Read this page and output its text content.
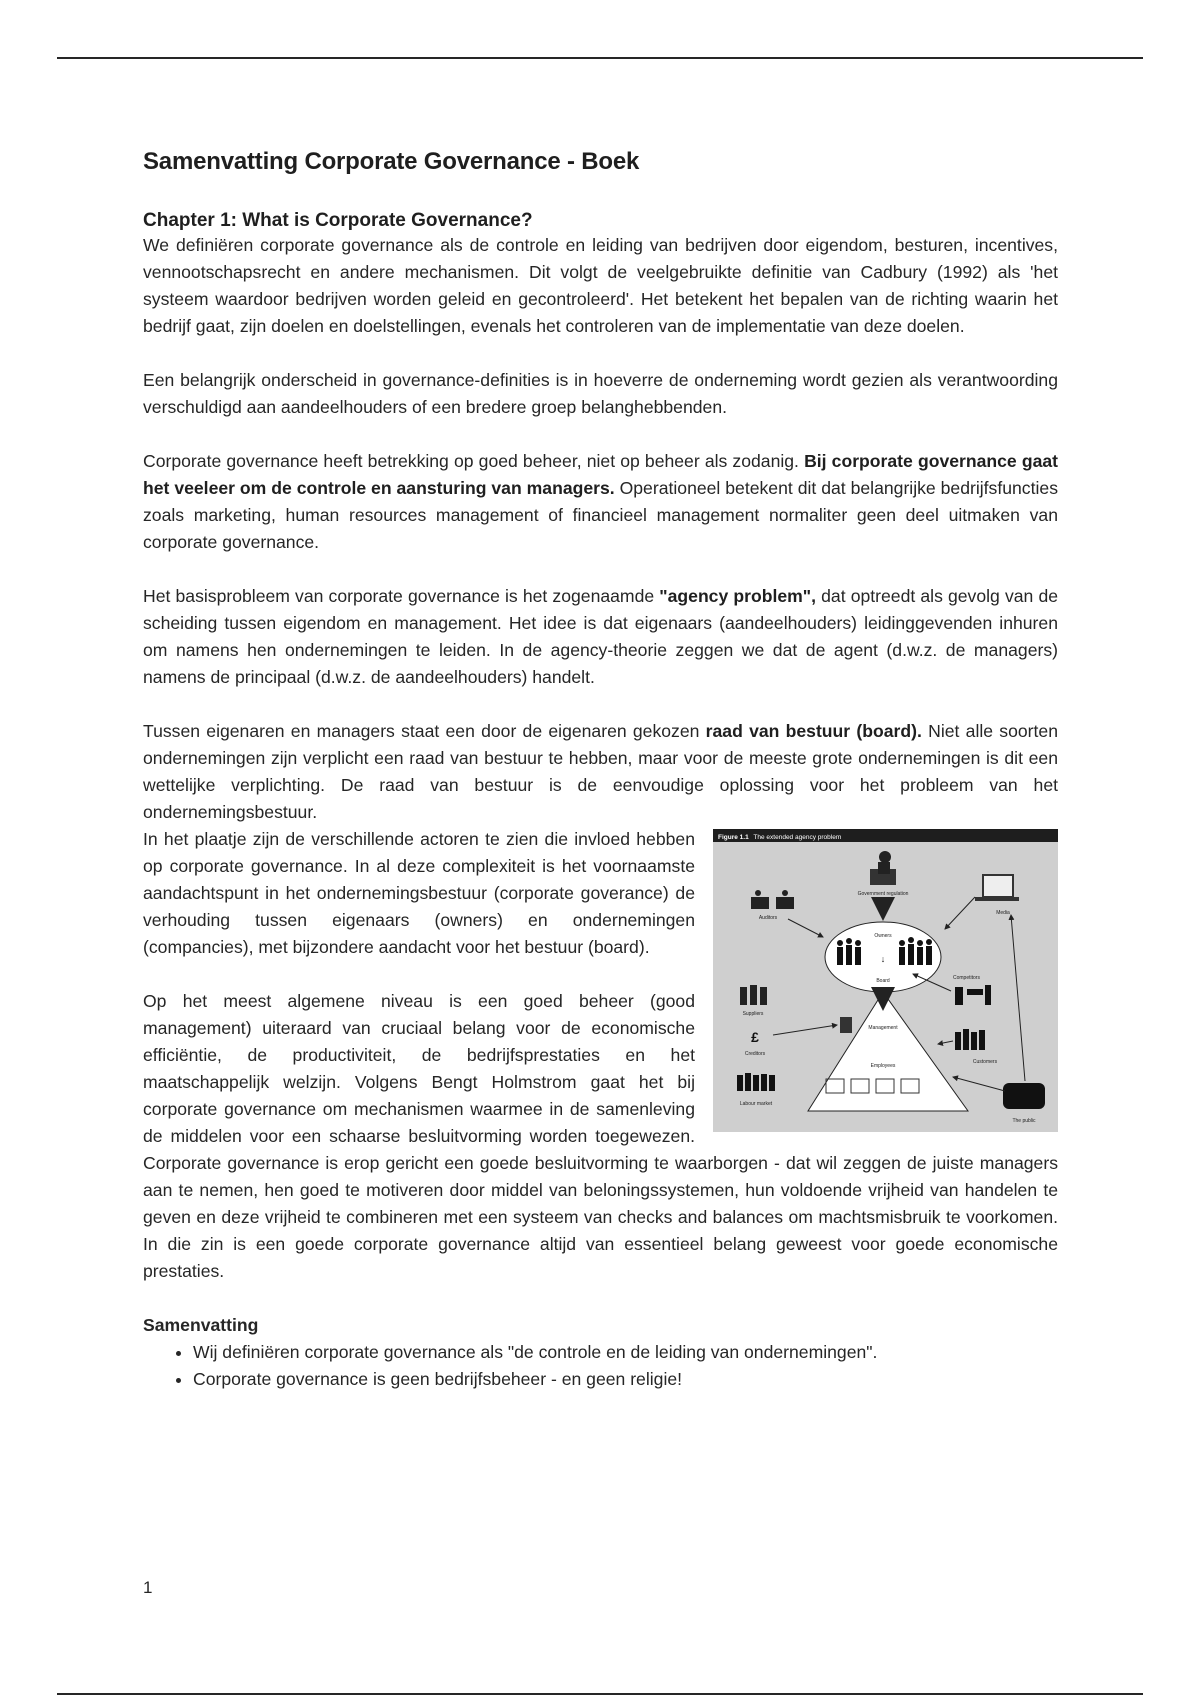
Samenvatting Corporate Governance - Boek
Chapter 1: What is Corporate Governance?

We definiëren corporate governance als de controle en leiding van bedrijven door eigendom, besturen, incentives, vennootschapsrecht en andere mechanismen. Dit volgt de veelgebruikte definitie van Cadbury (1992) als 'het systeem waardoor bedrijven worden geleid en gecontroleerd'. Het betekent het bepalen van de richting waarin het bedrijf gaat, zijn doelen en doelstellingen, evenals het controleren van de implementatie van deze doelen.

Een belangrijk onderscheid in governance-definities is in hoeverre de onderneming wordt gezien als verantwoording verschuldigd aan aandeelhouders of een bredere groep belanghebbenden.

Corporate governance heeft betrekking op goed beheer, niet op beheer als zodanig. Bij corporate governance gaat het veeleer om de controle en aansturing van managers. Operationeel betekent dit dat belangrijke bedrijfsfuncties zoals marketing, human resources management of financieel management normaliter geen deel uitmaken van corporate governance.

Het basisprobleem van corporate governance is het zogenaamde "agency problem", dat optreedt als gevolg van de scheiding tussen eigendom en management. Het idee is dat eigenaars (aandeelhouders) leidinggevenden inhuren om namens hen ondernemingen te leiden. In de agency-theorie zeggen we dat de agent (d.w.z. de managers) namens de principaal (d.w.z. de aandeelhouders) handelt.

Tussen eigenaren en managers staat een door de eigenaren gekozen raad van bestuur (board). Niet alle soorten ondernemingen zijn verplicht een raad van bestuur te hebben, maar voor de meeste grote ondernemingen is dit een wettelijke verplichting. De raad van bestuur is de eenvoudige oplossing voor het probleem van het ondernemingsbestuur.

Figure 1.1 The extended agency problem
Government regulation
Auditors
Media
Owners
↓
Board
Management
Employees
Competitors
Suppliers
£
Creditors
Labour market
Customers
The public

In het plaatje zijn de verschillende actoren te zien die invloed hebben op corporate governance. In al deze complexiteit is het voornaamste aandachtspunt in het ondernemingsbestuur (corporate goverance) de verhouding tussen eigenaars (owners) en ondernemingen (compancies), met bijzondere aandacht voor het bestuur (board).

Op het meest algemene niveau is een goed beheer (good management) uiteraard van cruciaal belang voor de economische efficiëntie, de productiviteit, de bedrijfsprestaties en het maatschappelijk welzijn. Volgens Bengt Holmstrom gaat het bij corporate governance om mechanismen waarmee in de samenleving de middelen voor een schaarse besluitvorming worden toegewezen. Corporate governance is erop gericht een goede besluitvorming te waarborgen - dat wil zeggen de juiste managers aan te nemen, hen goed te motiveren door middel van beloningssystemen, hun voldoende vrijheid van handelen te geven en deze vrijheid te combineren met een systeem van checks and balances om machtsmisbruik te voorkomen. In die zin is een goede corporate governance altijd van essentieel belang geweest voor goede economische prestaties.

Samenvatting
• Wij definiëren corporate governance als "de controle en de leiding van ondernemingen".
• Corporate governance is geen bedrijfsbeheer - en geen religie!
1
